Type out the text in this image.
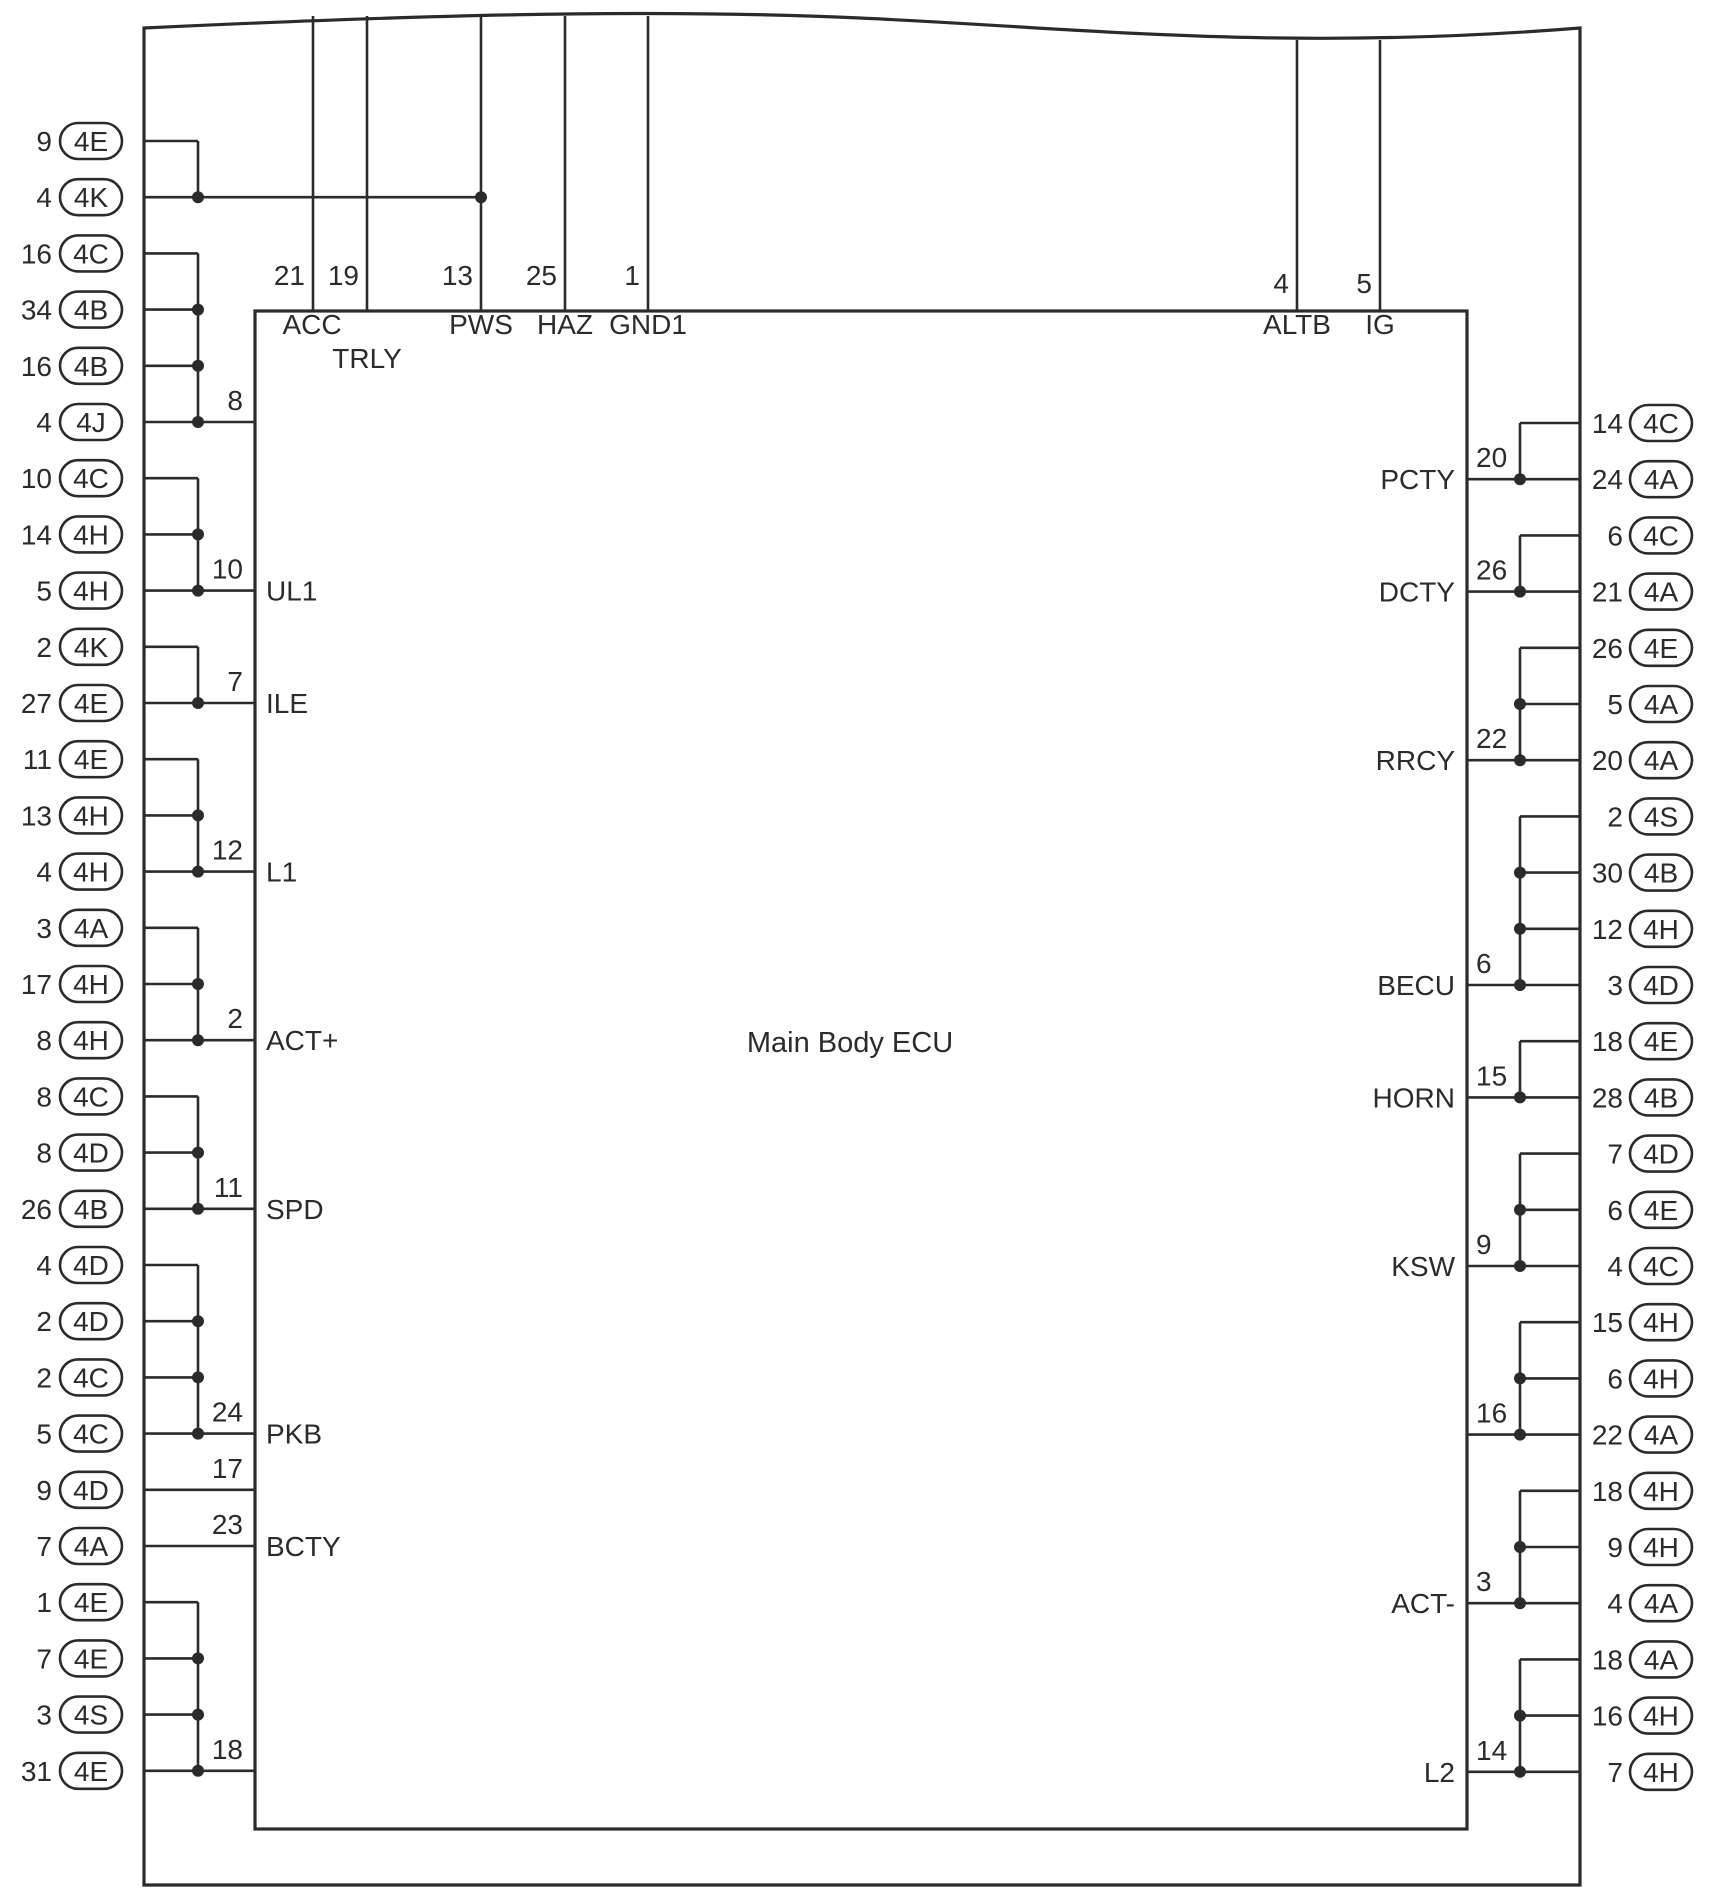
Main Body ECU
9 4E
4 4K
16 4C
34 4B
16 4B
4 4J
10 4C
14 4H
5 4H
2 4K
27 4E
11 4E
13 4H
4 4H
3 4A
17 4H
8 4H
8 4C
8 4D
26 4B
4 4D
2 4D
2 4C
5 4C
9 4D
7 4A
1 4E
7 4E
3 4S
31 4E
14 4C
24 4A
6 4C
21 4A
26 4E
5 4A
20 4A
2 4S
30 4B
12 4H
3 4D
18 4E
28 4B
7 4D
6 4E
4 4C
15 4H
6 4H
22 4A
18 4H
9 4H
4 4A
18 4A
16 4H
7 4H
21
ACC
19
TRLY
13
PWS
25
HAZ
1
GND1
4
ALTB
5
IG
8
10
UL1
7
ILE
12
L1
2
ACT+
11
SPD
24
PKB
17
23
BCTY
18
20
PCTY
26
DCTY
22
RRCY
6
BECU
15
HORN
9
KSW
16
3
ACT-
14
L2
